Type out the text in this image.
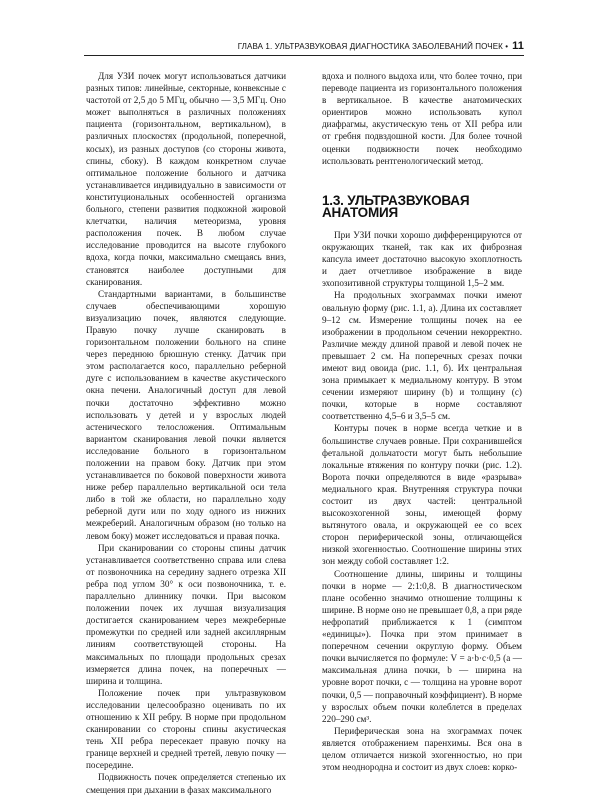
ГЛАВА 1. УЛЬТРАЗВУКОВАЯ ДИАГНОСТИКА ЗАБОЛЕВАНИЙ ПОЧЕК • 11

Для УЗИ почек могут использоваться датчики разных типов: линейные, секторные, конвексные с частотой от 2,5 до 5 МГц, обычно — 3,5 МГц. Оно может выполняться в различных положениях пациента (горизонтальном, вертикальном), в различных плоскостях (продольной, поперечной, косых), из разных доступов (со стороны живота, спины, сбоку). В каждом конкретном случае оптимальное положение больного и датчика устанавливается индивидуально в зависимости от конституциональных особенностей организма больного, степени развития подкожной жировой клетчатки, наличия метеоризма, уровня расположения почек. В любом случае исследование проводится на высоте глубокого вдоха, когда почки, максимально смещаясь вниз, становятся наиболее доступными для сканирования.

Стандартными вариантами, в большинстве случаев обеспечивающими хорошую визуализацию почек, являются следующие. Правую почку лучше сканировать в горизонтальном положении больного на спине через переднюю брюшную стенку. Датчик при этом располагается косо, параллельно реберной дуге с использованием в качестве акустического окна печени. Аналогичный доступ для левой почки достаточно эффективно можно использовать у детей и у взрослых людей астенического телосложения. Оптимальным вариантом сканирования левой почки является исследование больного в горизонтальном положении на правом боку. Датчик при этом устанавливается по боковой поверхности живота ниже ребер параллельно вертикальной оси тела либо в той же области, но параллельно ходу реберной дуги или по ходу одного из нижних межреберий. Аналогичным образом (но только на левом боку) может исследоваться и правая почка.

При сканировании со стороны спины датчик устанавливается соответственно справа или слева от позвоночника на середину заднего отрезка XII ребра под углом 30° к оси позвоночника, т. е. параллельно длиннику почки. При высоком положении почек их лучшая визуализация достигается сканированием через межреберные промежутки по средней или задней аксиллярным линиям соответствующей стороны. На максимальных по площади продольных срезах измеряется длина почек, на поперечных — ширина и толщина.

Положение почек при ультразвуковом исследовании целесообразно оценивать по их отношению к XII ребру. В норме при продольном сканировании со стороны спины акустическая тень XII ребра пересекает правую почку на границе верхней и средней третей, левую почку — посередине.

Подвижность почек определяется степенью их смещения при дыхании в фазах максимального

вдоха и полного выдоха или, что более точно, при переводе пациента из горизонтального положения в вертикальное. В качестве анатомических ориентиров можно использовать купол диафрагмы, акустическую тень от XII ребра или от гребня подвздошной кости. Для более точной оценки подвижности почек необходимо использовать рентгенологический метод.

1.3. УЛЬТРАЗВУКОВАЯ АНАТОМИЯ

При УЗИ почки хорошо дифференцируются от окружающих тканей, так как их фиброзная капсула имеет достаточно высокую эхоплотность и дает отчетливое изображение в виде эхопозитивной структуры толщиной 1,5–2 мм.

На продольных эхограммах почки имеют овальную форму (рис. 1.1, а). Длина их составляет 9–12 см. Измерение толщины почек на ее изображении в продольном сечении некорректно. Различие между длиной правой и левой почек не превышает 2 см. На поперечных срезах почки имеют вид овоида (рис. 1.1, б). Их центральная зона примыкает к медиальному контуру. В этом сечении измеряют ширину (b) и толщину (c) почки, которые в норме составляют соответственно 4,5–6 и 3,5–5 см.

Контуры почек в норме всегда четкие и в большинстве случаев ровные. При сохранившейся фетальной дольчатости могут быть небольшие локальные втяжения по контуру почки (рис. 1.2). Ворота почки определяются в виде «разрыва» медиального края. Внутренняя структура почки состоит из двух частей: центральной высокоэхогенной зоны, имеющей форму вытянутого овала, и окружающей ее со всех сторон периферической зоны, отличающейся низкой эхогенностью. Соотношение ширины этих зон между собой составляет 1:2.

Соотношение длины, ширины и толщины почки в норме — 2:1:0,8. В диагностическом плане особенно значимо отношение толщины к ширине. В норме оно не превышает 0,8, а при ряде нефропатий приближается к 1 (симптом «единицы»). Почка при этом принимает в поперечном сечении округлую форму. Объем почки вычисляется по формуле: V = a·b·c·0,5 (a — максимальная длина почки, b — ширина на уровне ворот почки, c — толщина на уровне ворот почки, 0,5 — поправочный коэффициент). В норме у взрослых объем почки колеблется в пределах 220–290 см³.

Периферическая зона на эхограммах почек является отображением паренхимы. Вся она в целом отличается низкой эхогенностью, но при этом неоднородна и состоит из двух слоев: корко-
